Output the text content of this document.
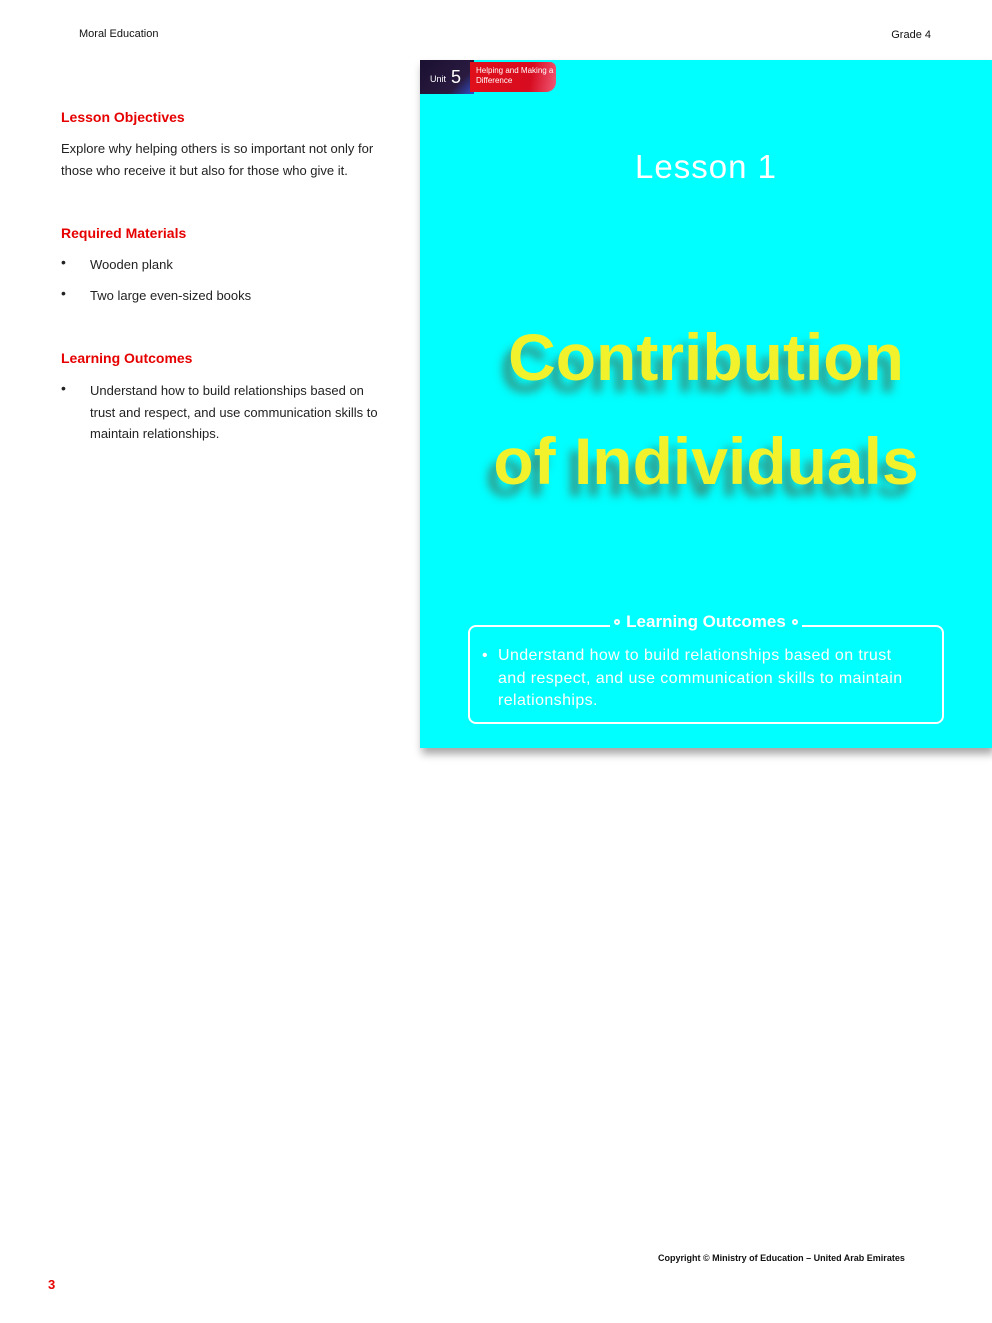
Moral Education	Grade 4
Lesson Objectives
Explore why helping others is so important not only for those who receive it but also for those who give it.
Required Materials
• Wooden plank
• Two large even-sized books
Learning Outcomes
• Understand how to build relationships based on trust and respect, and use communication skills to maintain relationships.
Unit 5	Helping and Making a Difference
Lesson 1
Contribution
of Individuals
Learning Outcomes
• Understand how to build relationships based on trust and respect, and use communication skills to maintain relationships.
Copyright © Ministry of Education – United Arab Emirates
3
